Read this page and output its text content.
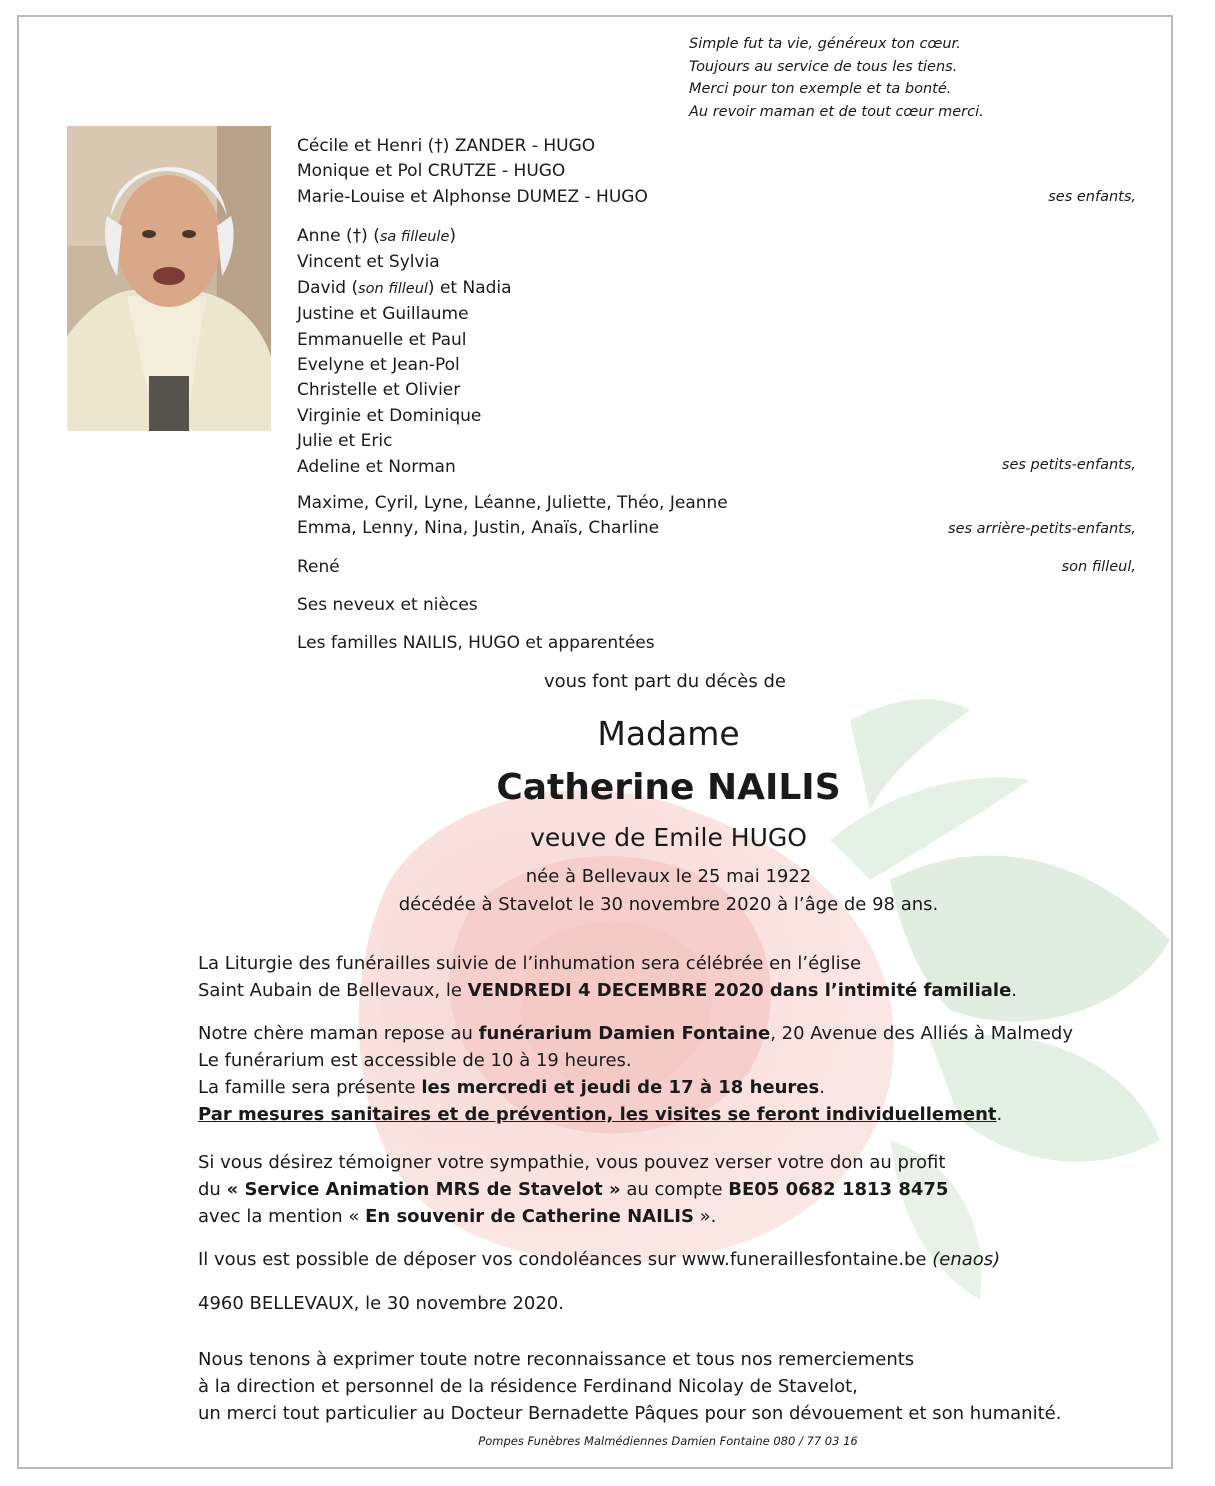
Simple fut ta vie, généreux ton cœur.
Toujours au service de tous les tiens.
Merci pour ton exemple et ta bonté.
Au revoir maman et de tout cœur merci.
Cécile et Henri (†) ZANDER - HUGO
Monique et Pol CRUTZE - HUGO
Marie-Louise et Alphonse DUMEZ - HUGO	ses enfants,
Anne (†) (sa filleule)
Vincent et Sylvia
David (son filleul) et Nadia
Justine et Guillaume
Emmanuelle et Paul
Evelyne et Jean-Pol
Christelle et Olivier
Virginie et Dominique
Julie et Eric
Adeline et Norman	ses petits-enfants,
Maxime, Cyril, Lyne, Léanne, Juliette, Théo, Jeanne
Emma, Lenny, Nina, Justin, Anaïs, Charline	ses arrière-petits-enfants,
René	son filleul,
Ses neveux et nièces
Les familles NAILIS, HUGO et apparentées
vous font part du décès de
Madame
Catherine NAILIS
veuve de Emile HUGO
née à Bellevaux le 25 mai 1922
décédée à Stavelot le 30 novembre 2020 à l’âge de 98 ans.
La Liturgie des funérailles suivie de l’inhumation sera célébrée en l’église
Saint Aubain de Bellevaux, le VENDREDI 4 DECEMBRE 2020 dans l’intimité familiale.
Notre chère maman repose au funérarium Damien Fontaine, 20 Avenue des Alliés à Malmedy
Le funérarium est accessible de 10 à 19 heures.
La famille sera présente les mercredi et jeudi de 17 à 18 heures.
Par mesures sanitaires et de prévention, les visites se feront individuellement.
Si vous désirez témoigner votre sympathie, vous pouvez verser votre don au profit
du « Service Animation MRS de Stavelot » au compte BE05 0682 1813 8475
avec la mention « En souvenir de Catherine NAILIS ».
Il vous est possible de déposer vos condoléances sur www.funeraillesfontaine.be (enaos)
4960 BELLEVAUX, le 30 novembre 2020.
Nous tenons à exprimer toute notre reconnaissance et tous nos remerciements
à la direction et personnel de la résidence Ferdinand Nicolay de Stavelot,
un merci tout particulier au Docteur Bernadette Pâques pour son dévouement et son humanité.
Pompes Funèbres Malmédiennes Damien Fontaine 080 / 77 03 16
